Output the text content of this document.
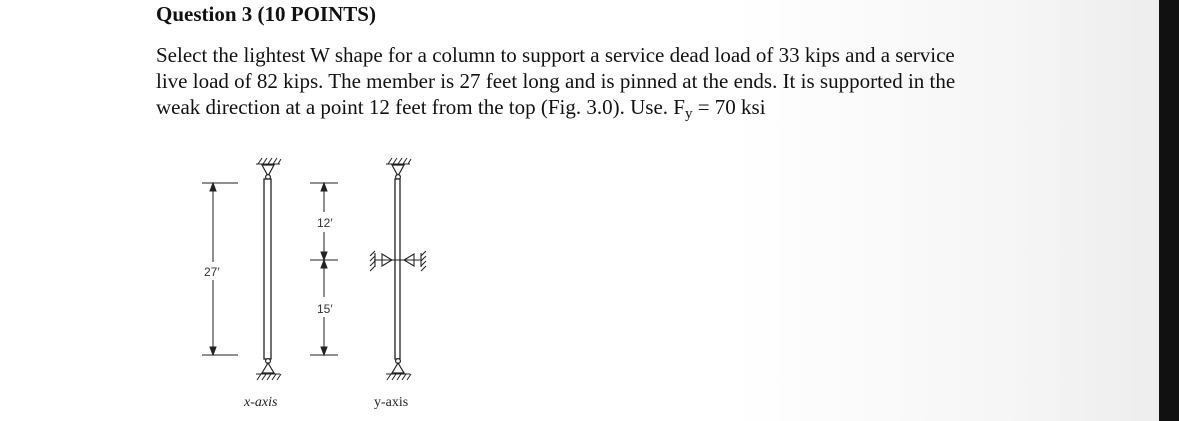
Question 3 (10 POINTS)
Select the lightest W shape for a column to support a service dead load of 33 kips and a service
live load of 82 kips. The member is 27 feet long and is pinned at the ends. It is supported in the
weak direction at a point 12 feet from the top (Fig. 3.0). Use. $F_y = 70$ ksi
27′
x-axis
12′
15′
y-axis
